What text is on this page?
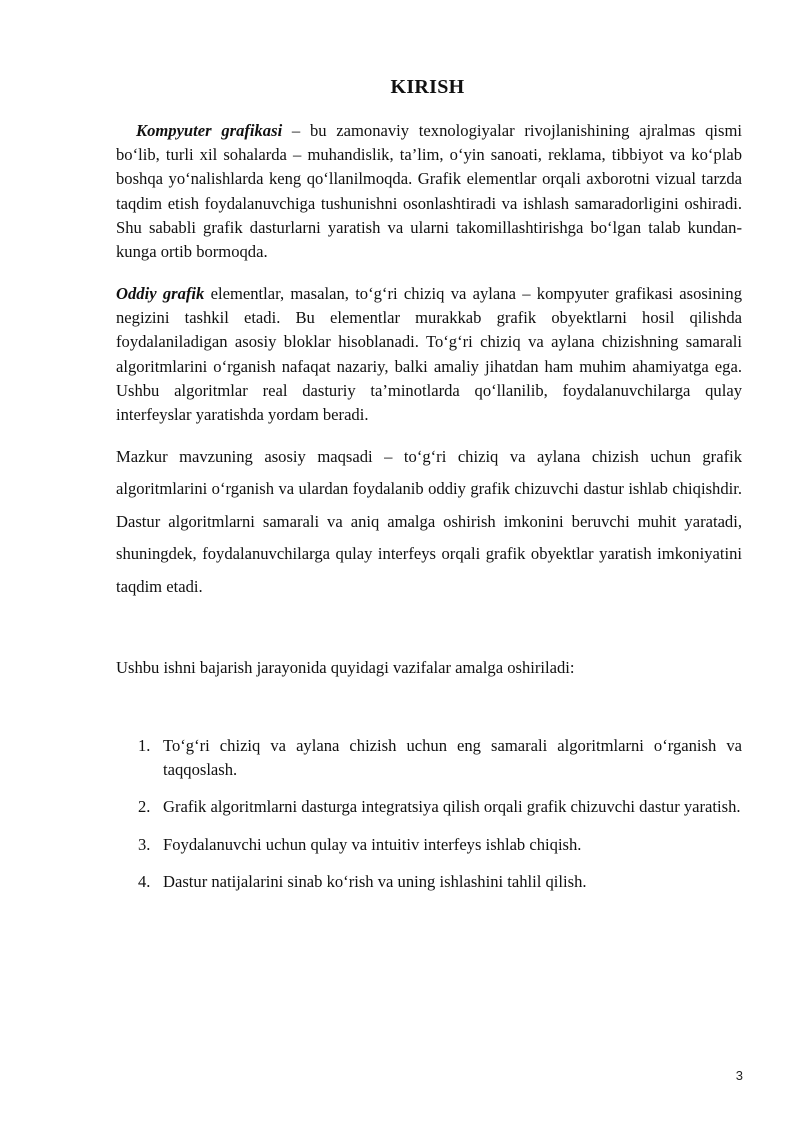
KIRISH

Kompyuter grafikasi – bu zamonaviy texnologiyalar rivojlanishining ajralmas qismi bo‘lib, turli xil sohalarda – muhandislik, ta’lim, o‘yin sanoati, reklama, tibbiyot va ko‘plab boshqa yo‘nalishlarda keng qo‘llanilmoqda. Grafik elementlar orqali axborotni vizual tarzda taqdim etish foydalanuvchiga tushunishni osonlashtiradi va ishlash samaradorligini oshiradi. Shu sababli grafik dasturlarni yaratish va ularni takomillashtirishga bo‘lgan talab kundan-kunga ortib bormoqda.

Oddiy grafik elementlar, masalan, to‘g‘ri chiziq va aylana – kompyuter grafikasi asosining negizini tashkil etadi. Bu elementlar murakkab grafik obyektlarni hosil qilishda foydalaniladigan asosiy bloklar hisoblanadi. To‘g‘ri chiziq va aylana chizishning samarali algoritmlarini o‘rganish nafaqat nazariy, balki amaliy jihatdan ham muhim ahamiyatga ega. Ushbu algoritmlar real dasturiy ta’minotlarda qo‘llanilib, foydalanuvchilarga qulay interfeyslar yaratishda yordam beradi.

Mazkur mavzuning asosiy maqsadi – to‘g‘ri chiziq va aylana chizish uchun grafik algoritmlarini o‘rganish va ulardan foydalanib oddiy grafik chizuvchi dastur ishlab chiqishdir. Dastur algoritmlarni samarali va aniq amalga oshirish imkonini beruvchi muhit yaratadi, shuningdek, foydalanuvchilarga qulay interfeys orqali grafik obyektlar yaratish imkoniyatini taqdim etadi.

Ushbu ishni bajarish jarayonida quyidagi vazifalar amalga oshiriladi:

1. To‘g‘ri chiziq va aylana chizish uchun eng samarali algoritmlarni o‘rganish va taqqoslash.
2. Grafik algoritmlarni dasturga integratsiya qilish orqali grafik chizuvchi dastur yaratish.
3. Foydalanuvchi uchun qulay va intuitiv interfeys ishlab chiqish.
4. Dastur natijalarini sinab ko‘rish va uning ishlashini tahlil qilish.
3
